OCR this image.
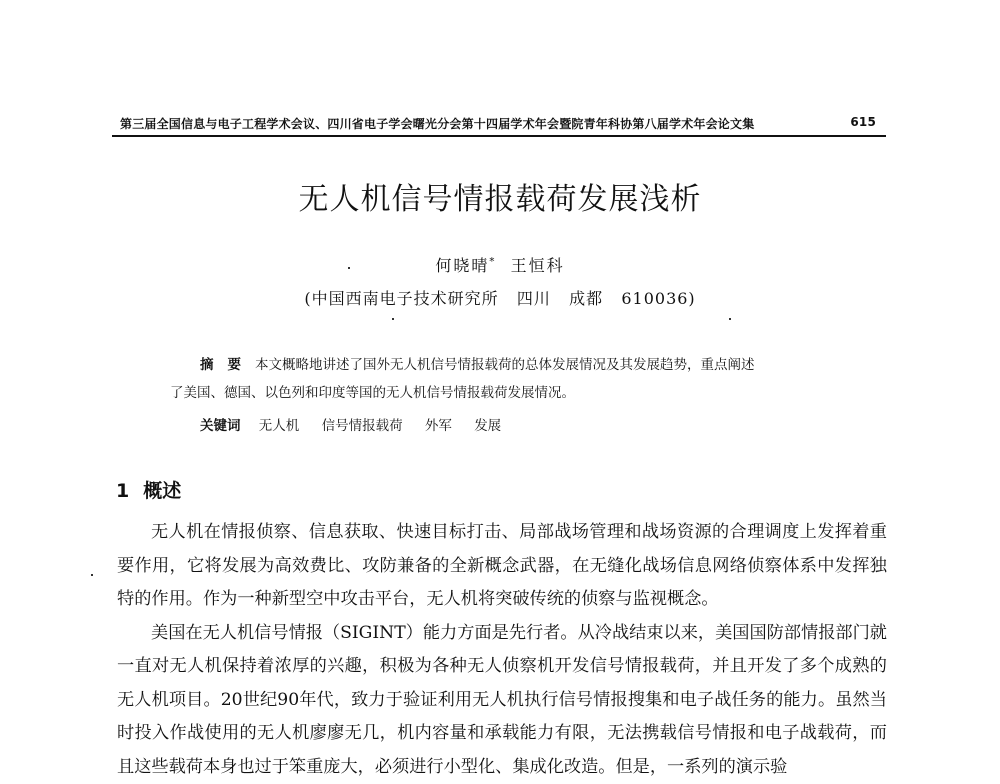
第三届全国信息与电子工程学术会议、四川省电子学会曙光分会第十四届学术年会暨院青年科协第八届学术年会论文集	615
无人机信号情报载荷发展浅析
何晓晴* 王恒科
(中国西南电子技术研究所   四川   成都   610036)
摘要本文概略地讲述了国外无人机信号情报载荷的总体发展情况及其发展趋势，重点阐述
了美国、德国、以色列和印度等国的无人机信号情报载荷发展情况。
关键词 无人机 信号情报载荷 外军 发展
1 概述

无人机在情报侦察、信息获取、快速目标打击、局部战场管理和战场资源的合理调度上发挥着重要作用，它将发展为高效费比、攻防兼备的全新概念武器，在无缝化战场信息网络侦察体系中发挥独特的作用。作为一种新型空中攻击平台，无人机将突破传统的侦察与监视概念。

美国在无人机信号情报（SIGINT）能力方面是先行者。从冷战结束以来，美国国防部情报部门就一直对无人机保持着浓厚的兴趣，积极为各种无人侦察机开发信号情报载荷，并且开发了多个成熟的无人机项目。20世纪90年代，致力于验证利用无人机执行信号情报搜集和电子战任务的能力。虽然当时投入作战使用的无人机廖廖无几，机内容量和承载能力有限，无法携载信号情报和电子战载荷，而且这些载荷本身也过于笨重庞大，必须进行小型化、集成化改造。但是，一系列的演示验
